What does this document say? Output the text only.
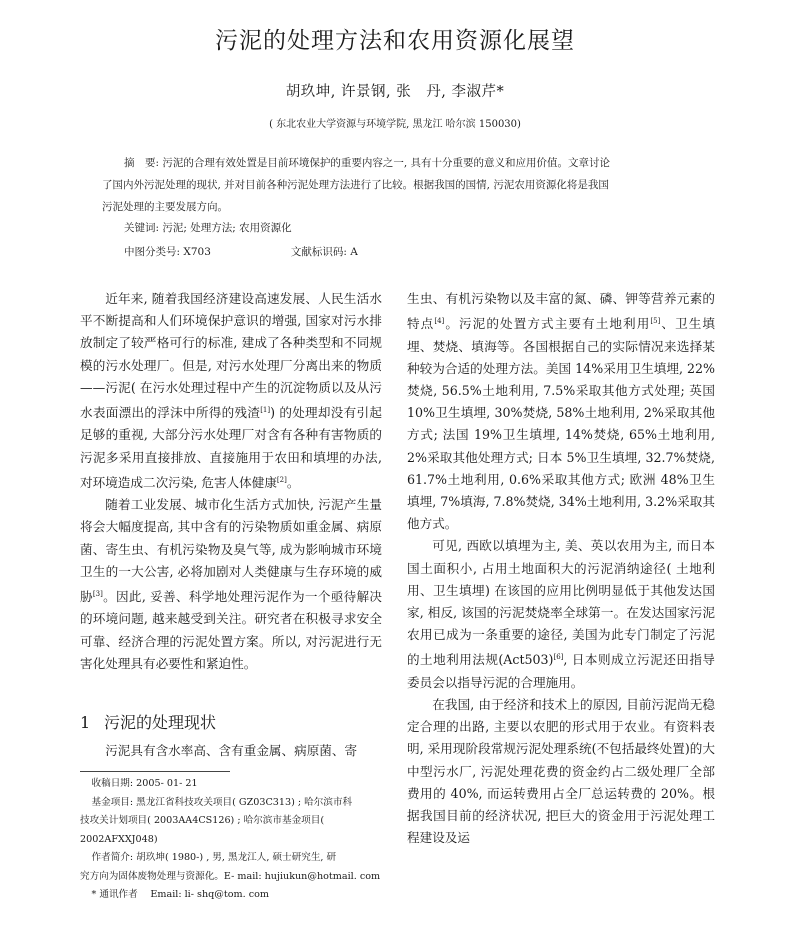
污泥的处理方法和农用资源化展望
胡玖坤, 许景钢, 张　丹, 李淑芹*
( 东北农业大学资源与环境学院, 黑龙江 哈尔滨 150030)
摘　要: 污泥的合理有效处置是目前环境保护的重要内容之一, 具有十分重要的意义和应用价值。文章讨论
了国内外污泥处理的现状, 并对目前各种污泥处理方法进行了比较。根据我国的国情, 污泥农用资源化将是我国
污泥处理的主要发展方向。
关键词: 污泥; 处理方法; 农用资源化
中图分类号: X703	文献标识码: A

近年来, 随着我国经济建设高速发展、人民生活水平不断提高和人们环境保护意识的增强, 国家对污水排放制定了较严格可行的标准, 建成了各种类型和不同规模的污水处理厂。但是, 对污水处理厂分离出来的物质——污泥( 在污水处理过程中产生的沉淀物质以及从污水表面漂出的浮沫中所得的残渣[1]) 的处理却没有引起足够的重视, 大部分污水处理厂对含有各种有害物质的污泥多采用直接排放、直接施用于农田和填埋的办法, 对环境造成二次污染, 危害人体健康[2]。

随着工业发展、城市化生活方式加快, 污泥产生量将会大幅度提高, 其中含有的污染物质如重金属、病原菌、寄生虫、有机污染物及臭气等, 成为影响城市环境卫生的一大公害, 必将加剧对人类健康与生存环境的威胁[3]。因此, 妥善、科学地处理污泥作为一个亟待解决的环境问题, 越来越受到关注。研究者在积极寻求安全可靠、经济合理的污泥处置方案。所以, 对污泥进行无害化处理具有必要性和紧迫性。

1 污泥的处理现状

污泥具有含水率高、含有重金属、病原菌、寄

收稿日期: 2005- 01- 21

基金项目: 黑龙江省科技攻关项目( GZ03C313) ; 哈尔滨市科

技攻关计划项目( 2003AA4CS126) ; 哈尔滨市基金项目( 2002AFXXJ048)

作者简介: 胡玖坤( 1980-) , 男, 黑龙江人, 硕士研究生, 研

究方向为固体废物处理与资源化。E- mail: hujiukun@hotmail. com

* 通讯作者　 Email: li- shq@tom. com

生虫、有机污染物以及丰富的氮、磷、钾等营养元素的特点[4]。污泥的处置方式主要有土地利用[5]、卫生填埋、焚烧、填海等。各国根据自己的实际情况来选择某种较为合适的处理方法。美国 14%采用卫生填埋, 22%焚烧, 56.5%土地利用, 7.5%采取其他方式处理; 英国 10%卫生填埋, 30%焚烧, 58%土地利用, 2%采取其他方式; 法国 19%卫生填埋, 14%焚烧, 65%土地利用, 2%采取其他处理方式; 日本 5%卫生填埋, 32.7%焚烧, 61.7%土地利用, 0.6%采取其他方式; 欧洲 48%卫生填埋, 7%填海, 7.8%焚烧, 34%土地利用, 3.2%采取其他方式。

可见, 西欧以填埋为主, 美、英以农用为主, 而日本国土面积小, 占用土地面积大的污泥消纳途径( 土地利用、卫生填埋) 在该国的应用比例明显低于其他发达国家, 相反, 该国的污泥焚烧率全球第一。在发达国家污泥农用已成为一条重要的途径, 美国为此专门制定了污泥的土地利用法规(Act503)[6], 日本则成立污泥还田指导委员会以指导污泥的合理施用。

在我国, 由于经济和技术上的原因, 目前污泥尚无稳定合理的出路, 主要以农肥的形式用于农业。有资料表明, 采用现阶段常规污泥处理系统(不包括最终处置)的大中型污水厂, 污泥处理花费的资金约占二级处理厂全部费用的 40%, 而运转费用占全厂总运转费的 20%。根据我国目前的经济状况, 把巨大的资金用于污泥处理工程建设及运
